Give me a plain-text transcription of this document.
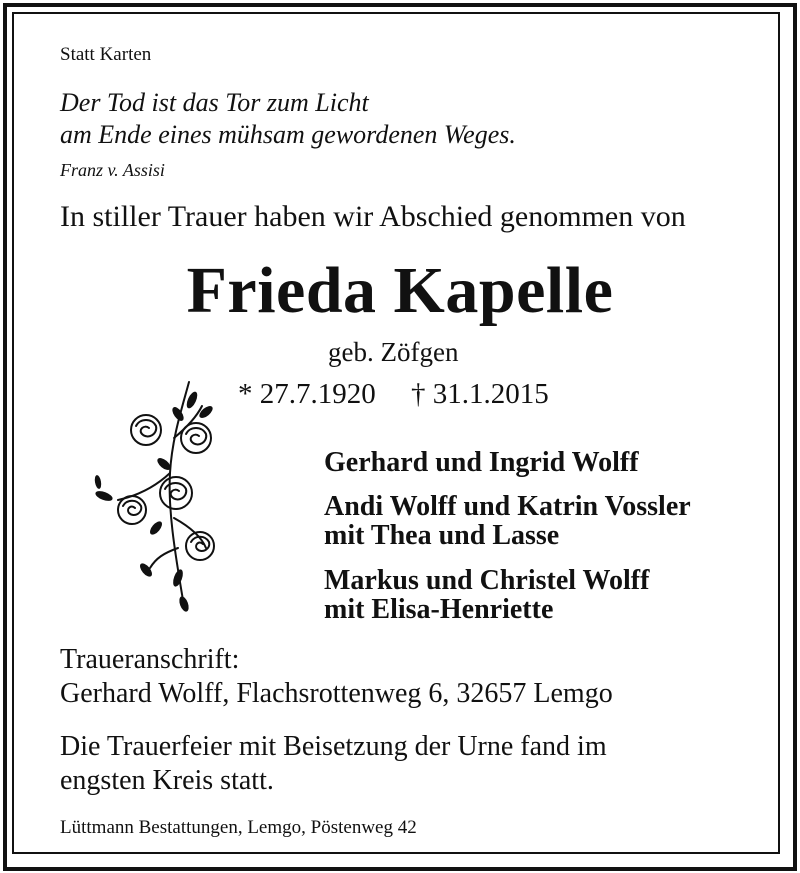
Statt Karten
Der Tod ist das Tor zum Licht
am Ende eines mühsam gewordenen Weges.
Franz v. Assisi
In stiller Trauer haben wir Abschied genommen von
Frieda Kapelle
geb. Zöfgen
* 27.7.1920 † 31.1.2015
Gerhard und Ingrid Wolff
Andi Wolff und Katrin Vossler
mit Thea und Lasse
Markus und Christel Wolff
mit Elisa-Henriette
Traueranschrift:
Gerhard Wolff, Flachsrottenweg 6, 32657 Lemgo
Die Trauerfeier mit Beisetzung der Urne fand im
engsten Kreis statt.
Lüttmann Bestattungen, Lemgo, Pöstenweg 42
